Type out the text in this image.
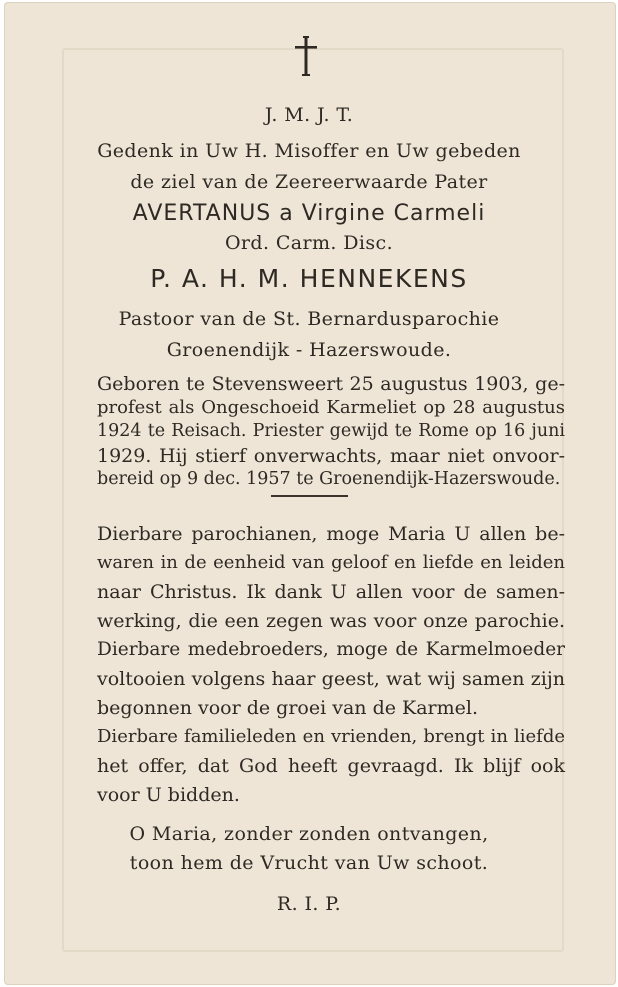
J. M. J. T.
Gedenk in Uw H. Misoffer en Uw gebeden
de ziel van de Zeereerwaarde Pater
AVERTANUS a Virgine Carmeli
Ord. Carm. Disc.
P. A. H. M. HENNEKENS
Pastoor van de St. Bernardusparochie
Groenendijk - Hazerswoude.
Geboren te Stevensweert 25 augustus 1903, ge-
profest als Ongeschoeid Karmeliet op 28 augustus
1924 te Reisach. Priester gewijd te Rome op 16 juni
1929. Hij stierf onverwachts, maar niet onvoor-
bereid op 9 dec. 1957 te Groenendijk-Hazerswoude.
Dierbare parochianen, moge Maria U allen be-
waren in de eenheid van geloof en liefde en leiden
naar Christus. Ik dank U allen voor de samen-
werking, die een zegen was voor onze parochie.
Dierbare medebroeders, moge de Karmelmoeder
voltooien volgens haar geest, wat wij samen zijn
begonnen voor de groei van de Karmel.
Dierbare familieleden en vrienden, brengt in liefde
het offer, dat God heeft gevraagd. Ik blijf ook
voor U bidden.
O Maria, zonder zonden ontvangen,
toon hem de Vrucht van Uw schoot.
R. I. P.
